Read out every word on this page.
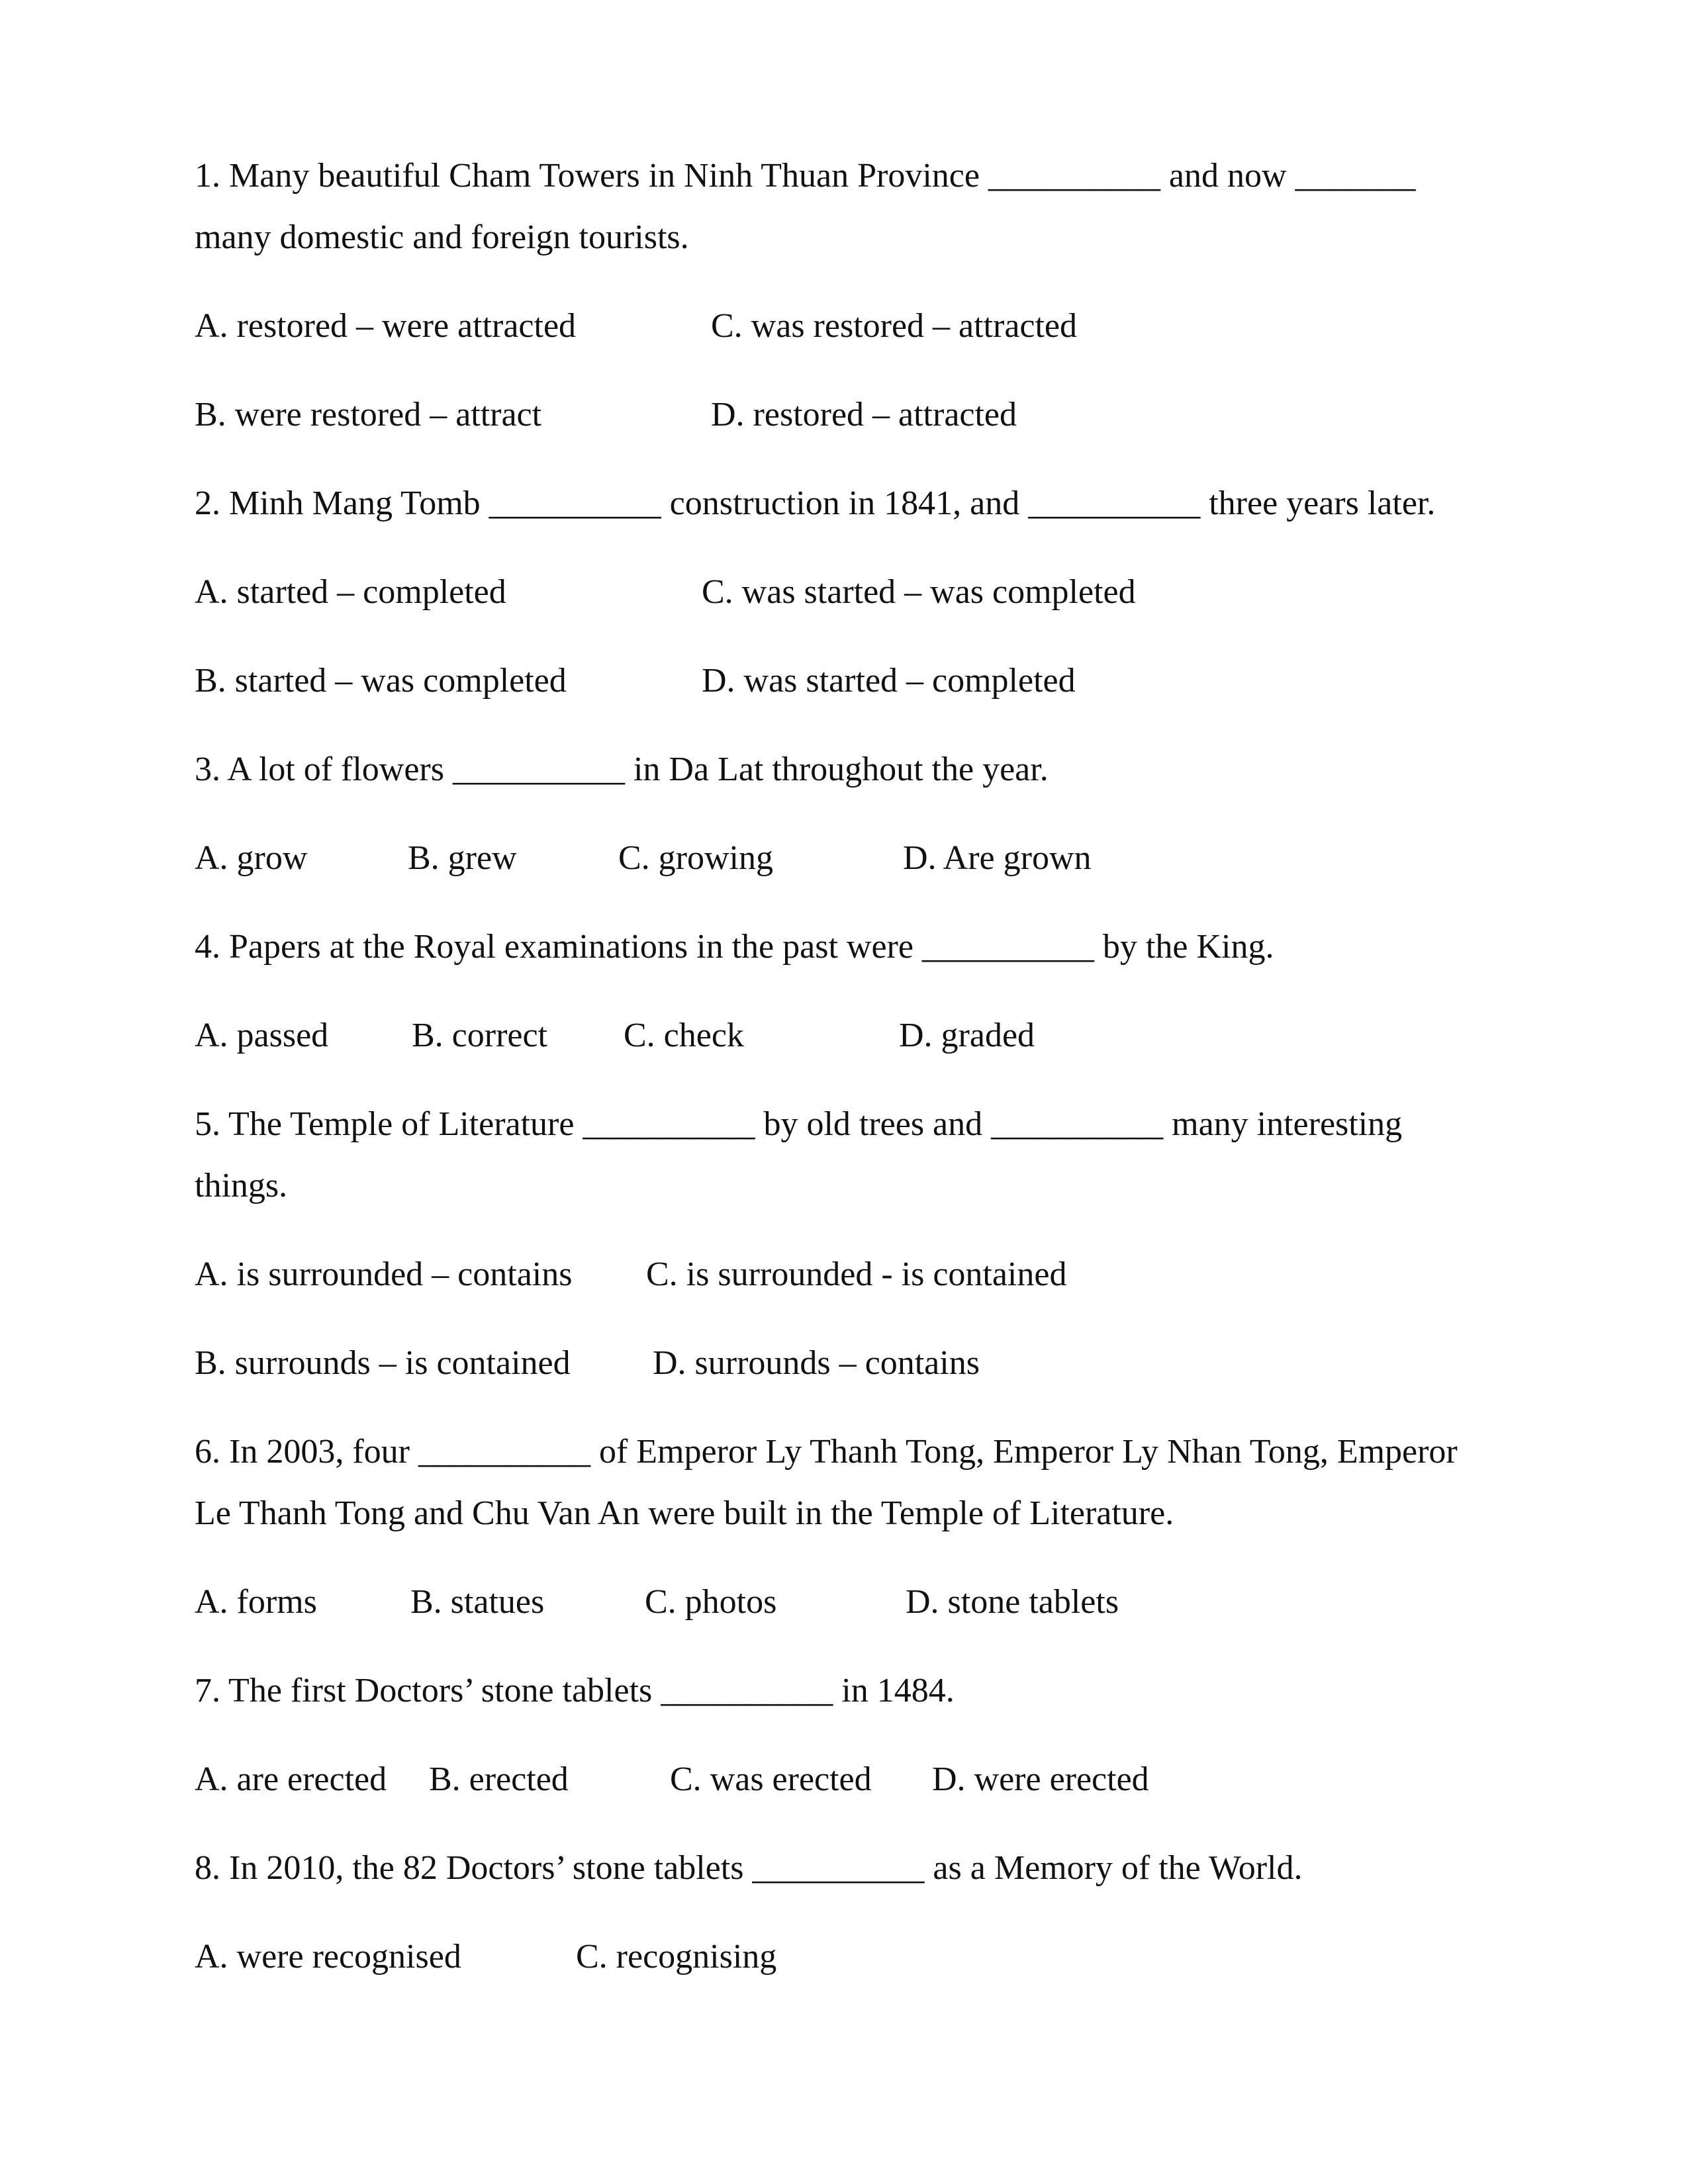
1. Many beautiful Cham Towers in Ninh Thuan Province __________ and now _______
many domestic and foreign tourists.
A. restored – were attracted	C. was restored – attracted
B. were restored – attract	D. restored – attracted
2. Minh Mang Tomb __________ construction in 1841, and __________ three years later.
A. started – completed	C. was started – was completed
B. started – was completed	D. was started – completed
3. A lot of flowers __________ in Da Lat throughout the year.
A. grow	B. grew	C. growing	D. Are grown
4. Papers at the Royal examinations in the past were __________ by the King.
A. passed B. correct C. check	D. graded
5. The Temple of Literature __________ by old trees and __________ many interesting
things.
A. is surrounded – contains C. is surrounded - is contained
B. surrounds – is contained D. surrounds – contains
6. In 2003, four __________ of Emperor Ly Thanh Tong, Emperor Ly Nhan Tong, Emperor
Le Thanh Tong and Chu Van An were built in the Temple of Literature.
A. forms	B. statues	C. photos	D. stone tablets
7. The first Doctors’ stone tablets __________ in 1484.
A. are erected B. erected	C. was erected D. were erected
8. In 2010, the 82 Doctors’ stone tablets __________ as a Memory of the World.
A. were recognised	C. recognising
